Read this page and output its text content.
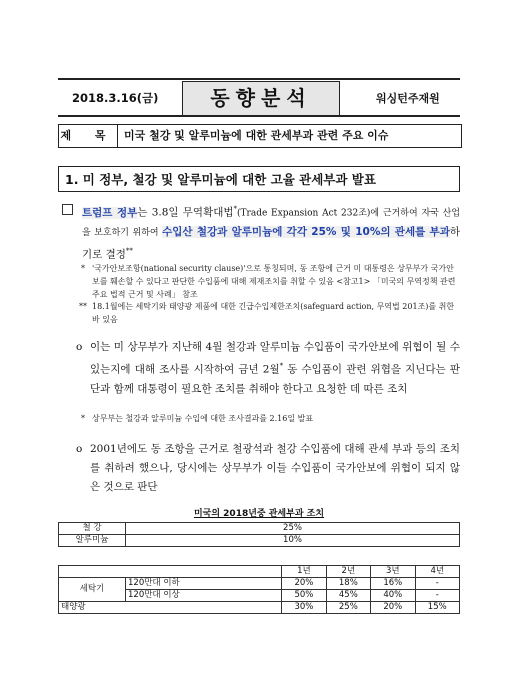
2018.3.16(금)	동향분석	워싱턴주재원
제 목 미국 철강 및 알루미늄에 대한 관세부과 관련 주요 이슈
1. 미 정부, 철강 및 알루미늄에 대한 고율 관세부과 발표
트럼프 정부는 3.8일 무역확대법*(Trade Expansion Act 232조)에 근거하여 자국 산업을 보호하기 위하여 수입산 철강과 알루미늄에 각각 25% 및 10%의 관세를 부과하기로 결정**
* '국가안보조항(national security clause)'으로 통칭되며, 동 조항에 근거 미 대통령은 상무부가 국가안보를 훼손할 수 있다고 판단한 수입품에 대해 제재조치를 취할 수 있음 <참고1> 「미국의 무역정책 관련 주요 법적 근거 및 사례」 참조
** 18.1월에는 세탁기와 태양광 제품에 대한 긴급수입제한조치(safeguard action, 무역법 201조)를 취한 바 있음
o 이는 미 상무부가 지난해 4월 철강과 알루미늄 수입품이 국가안보에 위협이 될 수 있는지에 대해 조사를 시작하여 금년 2월* 동 수입품이 관련 위협을 지닌다는 판단과 함께 대통령이 필요한 조치를 취해야 한다고 요청한 데 따른 조치
* 상무부는 철강과 알루미늄 수입에 대한 조사결과를 2.16일 발표
o 2001년에도 동 조항을 근거로 철광석과 철강 수입품에 대해 관세 부과 등의 조치를 취하려 했으나, 당시에는 상무부가 이들 수입품이 국가안보에 위협이 되지 않은 것으로 판단
미국의 2018년중 관세부과 조치
철 강	25%
알루미늄	10%
		1년	2년	3년	4년
세탁기	120만대 이하	20%	18%	16%	-
	120만대 이상	50%	45%	40%	-
태양광		30%	25%	20%	15%
